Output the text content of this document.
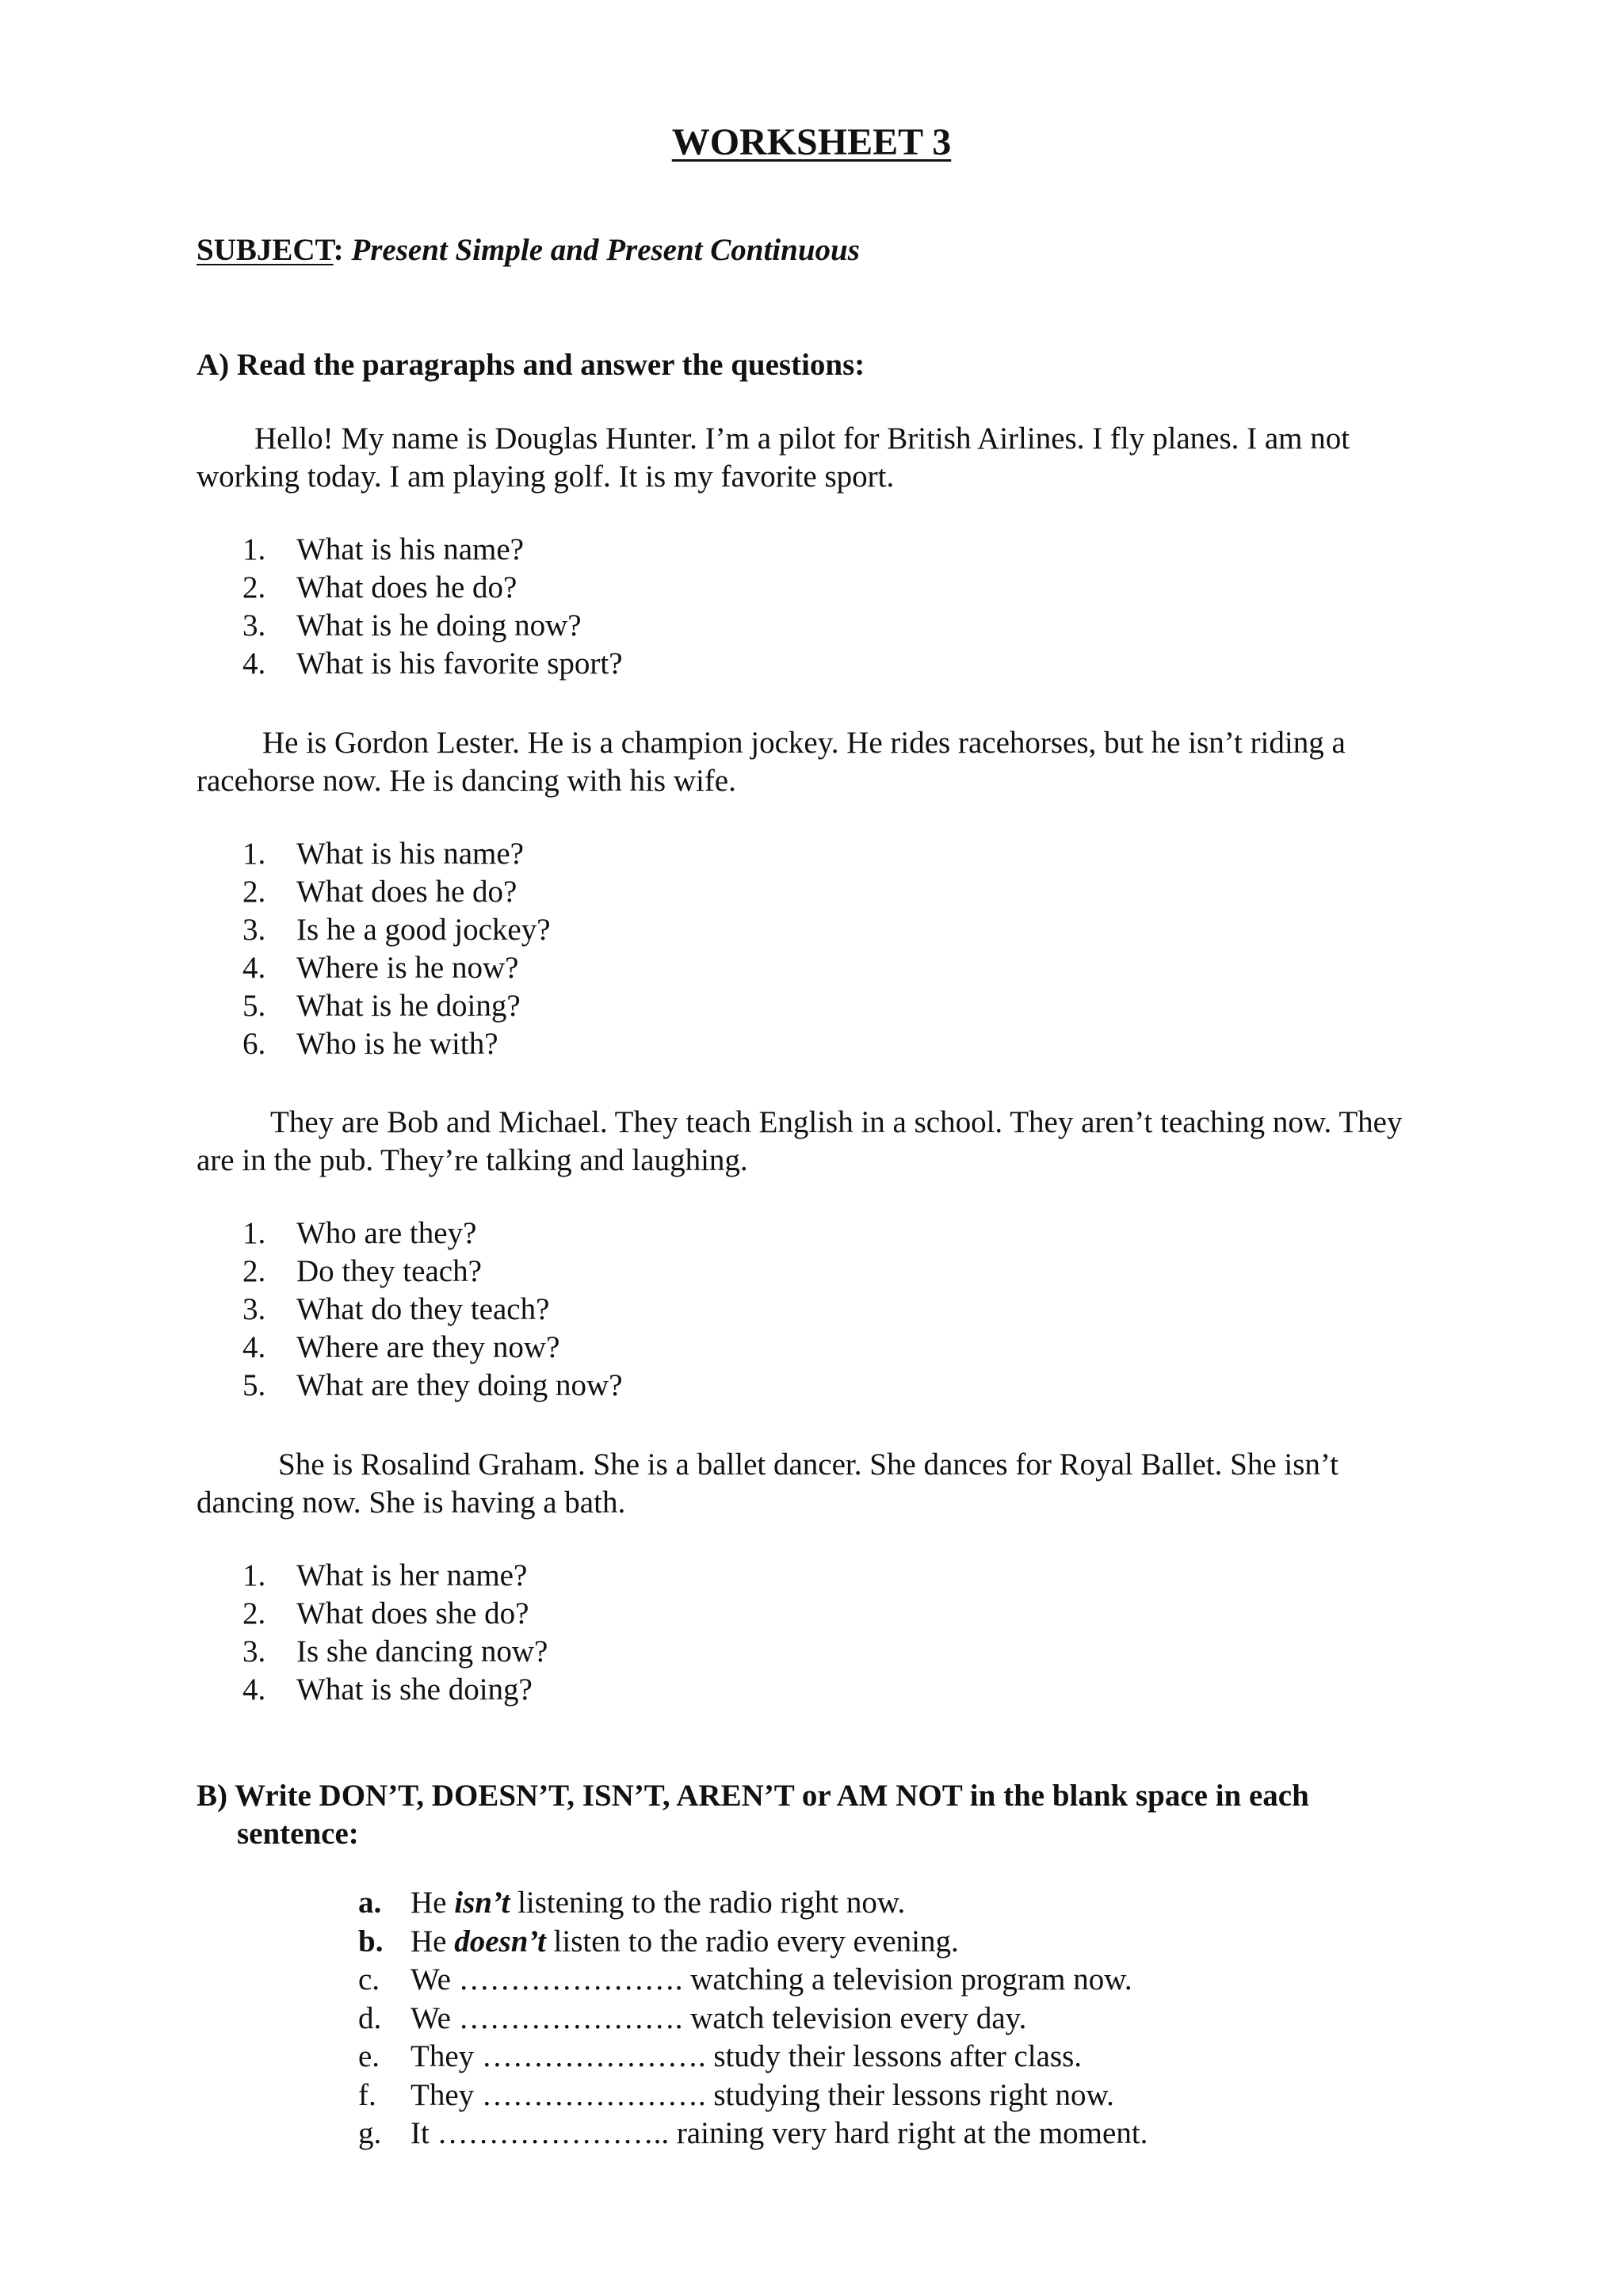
WORKSHEET 3
SUBJECT: Present Simple and Present Continuous
A) Read the paragraphs and answer the questions:
Hello! My name is Douglas Hunter. I’m a pilot for British Airlines. I fly planes. I am not working today. I am playing golf. It is my favorite sport.
1. What is his name?
2. What does he do?
3. What is he doing now?
4. What is his favorite sport?
He is Gordon Lester. He is a champion jockey. He rides racehorses, but he isn’t riding a racehorse now. He is dancing with his wife.
1. What is his name?
2. What does he do?
3. Is he a good jockey?
4. Where is he now?
5. What is he doing?
6. Who is he with?
They are Bob and Michael. They teach English in a school. They aren’t teaching now. They are in the pub. They’re talking and laughing.
1. Who are they?
2. Do they teach?
3. What do they teach?
4. Where are they now?
5. What are they doing now?
She is Rosalind Graham. She is a ballet dancer. She dances for Royal Ballet. She isn’t dancing now. She is having a bath.
1. What is her name?
2. What does she do?
3. Is she dancing now?
4. What is she doing?
B) Write DON’T, DOESN’T, ISN’T, AREN’T or AM NOT in the blank space in each
sentence:
a. He isn’t listening to the radio right now.
b. He doesn’t listen to the radio every evening.
c. We …………………. watching a television program now.
d. We …………………. watch television every day.
e. They …………………. study their lessons after class.
f. They …………………. studying their lessons right now.
g. It ………………….. raining very hard right at the moment.
